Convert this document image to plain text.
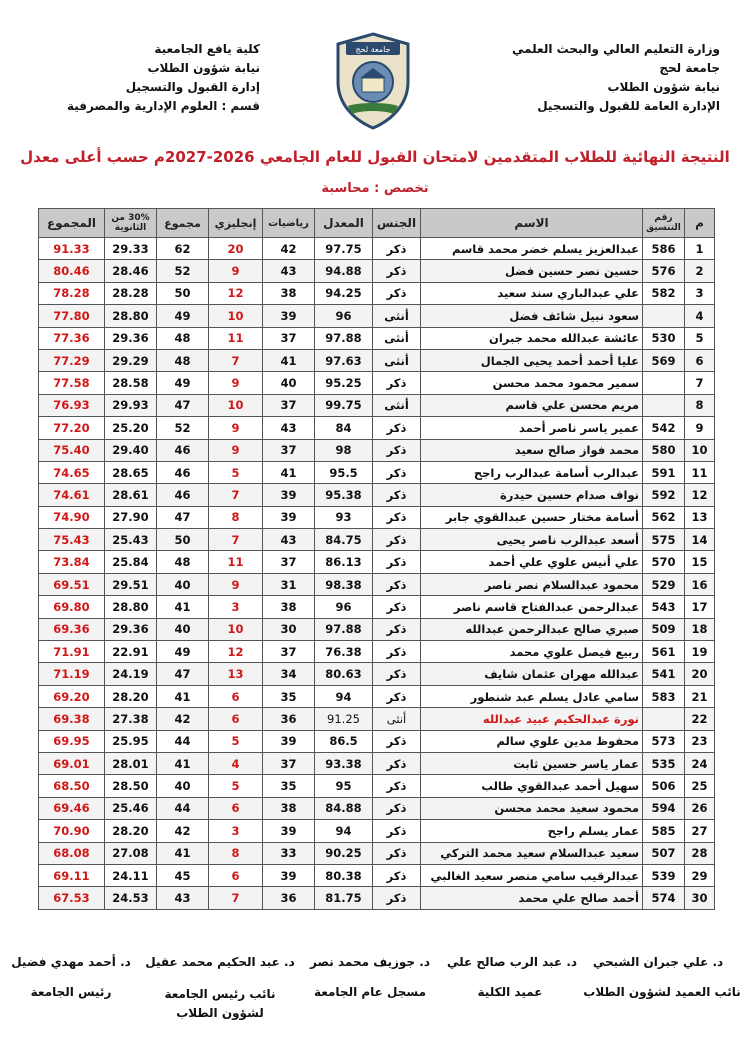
وزارة التعليم العالي والبحث العلمي
جامعة لحج
نيابة شؤون الطلاب
الإدارة العامة للقبول والتسجيل
جامعة لحج
كلية يافع الجامعية
نيابة شؤون الطلاب
إدارة القبول والتسجيل
قسم : العلوم الإدارية والمصرفية
النتيجة النهائية للطلاب المتقدمين لامتحان القبول للعام الجامعي 2026-2027م حسب أعلى معدل
تخصص : محاسبة
م	رقم التنسيق	الاسم	الجنس	المعدل	رياضيات	إنجليزي	مجموع	30% من الثانوية	المجموع
1	586	عبدالعزيز يسلم خضر محمد قاسم	ذكر	97.75	42	20	62	29.33	91.33
2	576	حسين نصر حسين فضل	ذكر	94.88	43	9	52	28.46	80.46
3	582	علي عبدالباري سند سعيد	ذكر	94.25	38	12	50	28.28	78.28
4		سعود نبيل شائف فضل	أنثى	96	39	10	49	28.80	77.80
5	530	عائشة عبدالله محمد جبران	أنثى	97.88	37	11	48	29.36	77.36
6	569	عليا أحمد أحمد يحيى الجمال	أنثى	97.63	41	7	48	29.29	77.29
7		سمير محمود محمد محسن	ذكر	95.25	40	9	49	28.58	77.58
8		مريم محسن علي قاسم	أنثى	99.75	37	10	47	29.93	76.93
9	542	عمير ياسر ناصر أحمد	ذكر	84	43	9	52	25.20	77.20
10	580	محمد فواز صالح سعيد	ذكر	98	37	9	46	29.40	75.40
11	591	عبدالرب أسامة عبدالرب راجح	ذكر	95.5	41	5	46	28.65	74.65
12	592	نواف صدام حسين حيدرة	ذكر	95.38	39	7	46	28.61	74.61
13	562	أسامة مختار حسين عبدالقوي جابر	ذكر	93	39	8	47	27.90	74.90
14	575	أسعد عبدالرب ناصر يحيى	ذكر	84.75	43	7	50	25.43	75.43
15	570	علي أنيس علوي علي أحمد	ذكر	86.13	37	11	48	25.84	73.84
16	529	محمود عبدالسلام نصر ناصر	ذكر	98.38	31	9	40	29.51	69.51
17	543	عبدالرحمن عبدالفتاح قاسم ناصر	ذكر	96	38	3	41	28.80	69.80
18	509	صبري صالح عبدالرحمن عبدالله	ذكر	97.88	30	10	40	29.36	69.36
19	561	ربيع فيصل علوي محمد	ذكر	76.38	37	12	49	22.91	71.91
20	541	عبدالله مهران عثمان شايف	ذكر	80.63	34	13	47	24.19	71.19
21	583	سامي عادل يسلم عبد شنطور	ذكر	94	35	6	41	28.20	69.20
22		نورة عبدالحكيم عبيد عبدالله	أنثى	91.25	36	6	42	27.38	69.38
23	573	محفوظ مدين علوي سالم	ذكر	86.5	39	5	44	25.95	69.95
24	535	عمار ياسر حسين ثابت	ذكر	93.38	37	4	41	28.01	69.01
25	506	سهيل أحمد عبدالقوي طالب	ذكر	95	35	5	40	28.50	68.50
26	594	محمود سعيد محمد محسن	ذكر	84.88	38	6	44	25.46	69.46
27	585	عمار يسلم راجح	ذكر	94	39	3	42	28.20	70.90
28	507	سعيد عبدالسلام سعيد محمد التركي	ذكر	90.25	33	8	41	27.08	68.08
29	539	عبدالرقيب سامي منصر سعيد الغالبي	ذكر	80.38	39	6	45	24.11	69.11
30	574	أحمد صالح علي محمد	ذكر	81.75	36	7	43	24.53	67.53
د. علي جبران الشبحي
د. عبد الرب صالح علي
د. جوزيف محمد نصر
د. عبد الحكيم محمد عقيل
د. أحمد مهدي فضيل
نائب العميد لشؤون الطلاب
عميد الكلية
مسجل عام الجامعة
نائب رئيس الجامعة لشؤون الطلاب
رئيس الجامعة
